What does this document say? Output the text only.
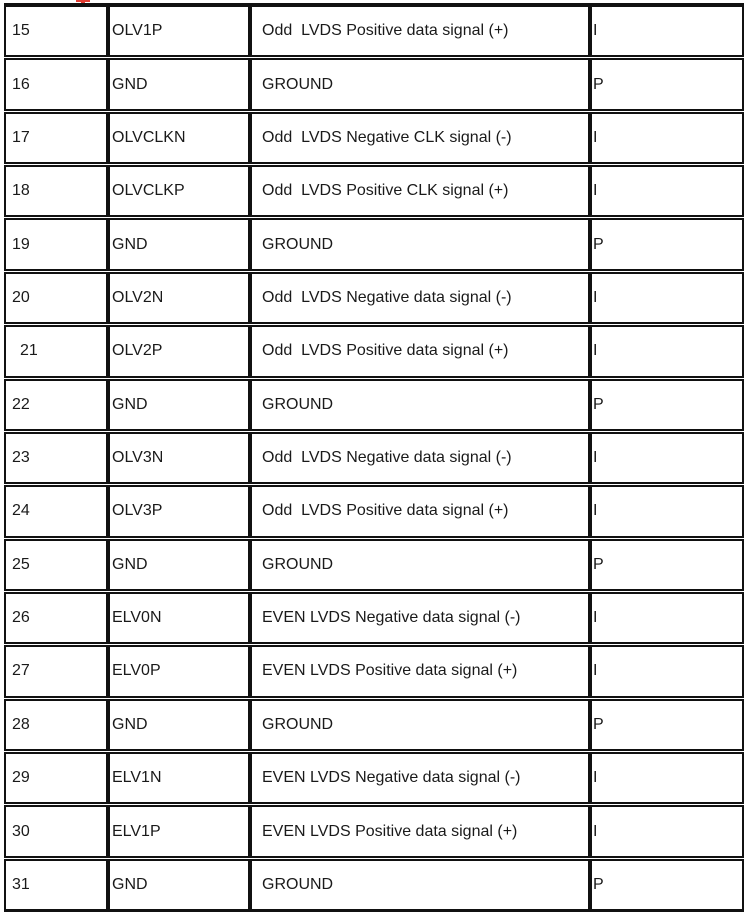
15	OLV1P	Odd  LVDS Positive data signal (+)	I
16	GND	GROUND	P
17	OLVCLKN	Odd  LVDS Negative CLK signal (-)	I
18	OLVCLKP	Odd  LVDS Positive CLK signal (+)	I
19	GND	GROUND	P
20	OLV2N	Odd  LVDS Negative data signal (-)	I
21	OLV2P	Odd  LVDS Positive data signal (+)	I
22	GND	GROUND	P
23	OLV3N	Odd  LVDS Negative data signal (-)	I
24	OLV3P	Odd  LVDS Positive data signal (+)	I
25	GND	GROUND	P
26	ELV0N	EVEN LVDS Negative data signal (-)	I
27	ELV0P	EVEN LVDS Positive data signal (+)	I
28	GND	GROUND	P
29	ELV1N	EVEN LVDS Negative data signal (-)	I
30	ELV1P	EVEN LVDS Positive data signal (+)	I
31	GND	GROUND	P
